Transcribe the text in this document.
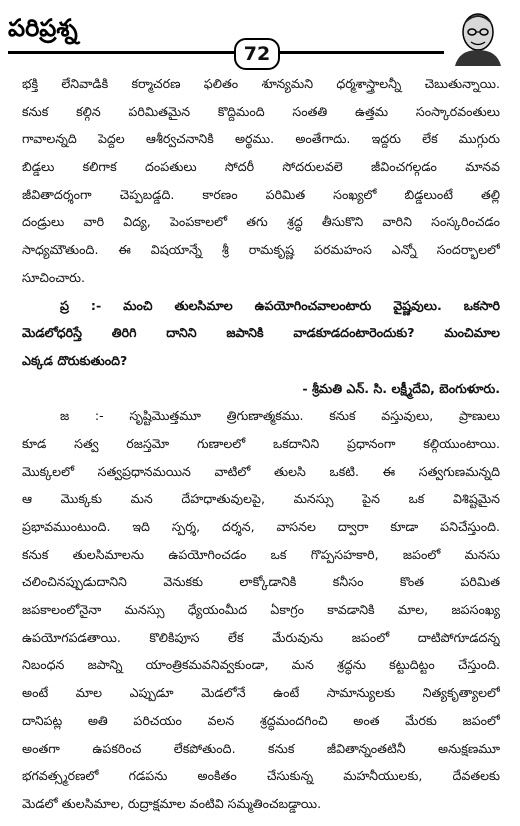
పరిప్రశ్న
72
భక్తి లేనివాడికి కర్మాచరణ ఫలితం శూన్యమని ధర్మశాస్త్రాలన్నీ చెబుతున్నాయి.
కనుక కల్గిన పరిమితమైన కొద్దిమంది సంతతి ఉత్తమ సంస్కారవంతులు
గావాలన్నది పెద్దల ఆశీర్వచనానికి అర్థము. అంతేగాదు. ఇద్దరు లేక ముగ్గురు
బిడ్డలు కలిగాక దంపతులు సోదరీ సోదరులవలె జీవించగల్గడం మానవ
జీవితాదర్శంగా చెప్పబడ్డది. కారణం పరిమిత సంఖ్యలో బిడ్డలుంటే తల్లి
దండ్రులు వారి విద్య, పెంపకాలలో తగు శ్రద్ధ తీసుకొని వారిని సంస్కరించడం
సాధ్యమౌతుంది. ఈ విషయాన్నే శ్రీ రామకృష్ణ పరమహంస ఎన్నో సందర్భాలలో
సూచించారు.
ప్ర :- మంచి తులసిమాల ఉపయోగించవాలంటారు వైష్ణవులు. ఒకసారి
మెడలోధరిస్తే తిరిగి దానిని జపానికి వాడకూడదంటారెందుకు? మంచిమాల
ఎక్కడ దొరుకుతుంది?
- శ్రీమతి ఎన్. సి. లక్ష్మీదేవి, బెంగుళూరు.
జ :- సృష్టిమొత్తమూ త్రిగుణాత్మకము. కనుక వస్తువులు, ప్రాణులు
కూడ సత్వ రజస్తమో గుణాలలో ఒకదానిని ప్రధానంగా కల్గియుంటాయి.
మొక్కలలో సత్వప్రధానమయిన వాటిలో తులసి ఒకటి. ఈ సత్వగుణమన్నది
ఆ మొక్కకు మన దేహధాతువులపై, మనస్సు పైన ఒక విశిష్టమైన
ప్రభావముంటుంది. ఇది స్పర్శ, దర్శన, వాసనల ద్వారా కూడా పనిచేస్తుంది.
కనుక తులసిమాలను ఉపయోగించడం ఒక గొప్పసహకారి, జపంలో మనసు
చలించినప్పుడుదానిని వెనుకకు లాక్కోడానికి కనీసం కొంత పరిమిత
జపకాలంలోనైనా మనస్సు ధ్యేయంమీద ఏకాగ్రం కావడానికి మాల, జపసంఖ్య
ఉపయోగపడతాయి. కొలికిపూస లేక మేరువును జపంలో దాటిపోగూడదన్న
నిబంధన జపాన్ని యాంత్రికమవనివ్వకుండా, మన శ్రద్ధను కట్టుదిట్టం చేస్తుంది.
అంటే మాల ఎప్పుడూ మెడలోనే ఉంటే సామాన్యులకు నిత్యకృత్యాలలో
దానిపట్ల అతి పరిచయం వలన శ్రద్ధమందగించి అంత మేరకు జపంలో
అంతగా ఉపకరించ లేకపోతుంది. కనుక జీవితాన్నంతటినీ అనుక్షణమూ
భగవత్స్మరణలో గడపను అంకితం చేసుకున్న మహనీయులకు, దేవతలకు
మెడలో తులసిమాల, రుద్రాక్షమాల వంటివి సమ్మతించబడ్డాయి.
